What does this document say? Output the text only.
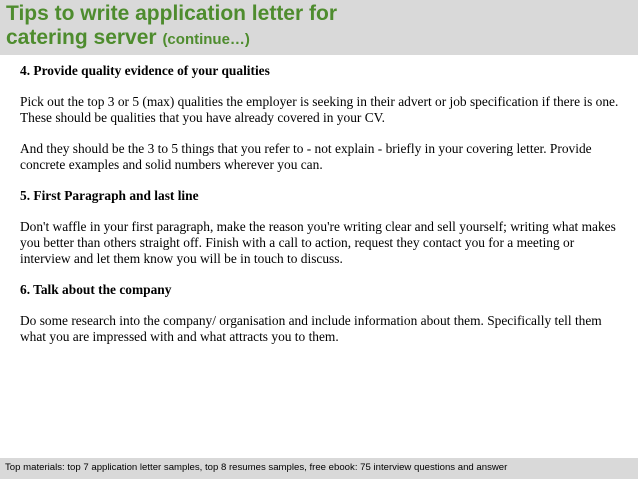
Tips to write application letter for
catering server (continue…)

4. Provide quality evidence of your qualities

Pick out the top 3 or 5 (max) qualities the employer is seeking in their advert or job specification if there is one. These should be qualities that you have already covered in your CV.

And they should be the 3 to 5 things that you refer to - not explain - briefly in your covering letter. Provide concrete examples and solid numbers wherever you can.

5. First Paragraph and last line

Don't waffle in your first paragraph, make the reason you're writing clear and sell yourself; writing what makes you better than others straight off. Finish with a call to action, request they contact you for a meeting or interview and let them know you will be in touch to discuss.

6. Talk about the company

Do some research into the company/ organisation and include information about them. Specifically tell them what you are impressed with and what attracts you to them.

Top materials: top 7 application letter samples, top 8 resumes samples, free ebook: 75 interview questions and answer
